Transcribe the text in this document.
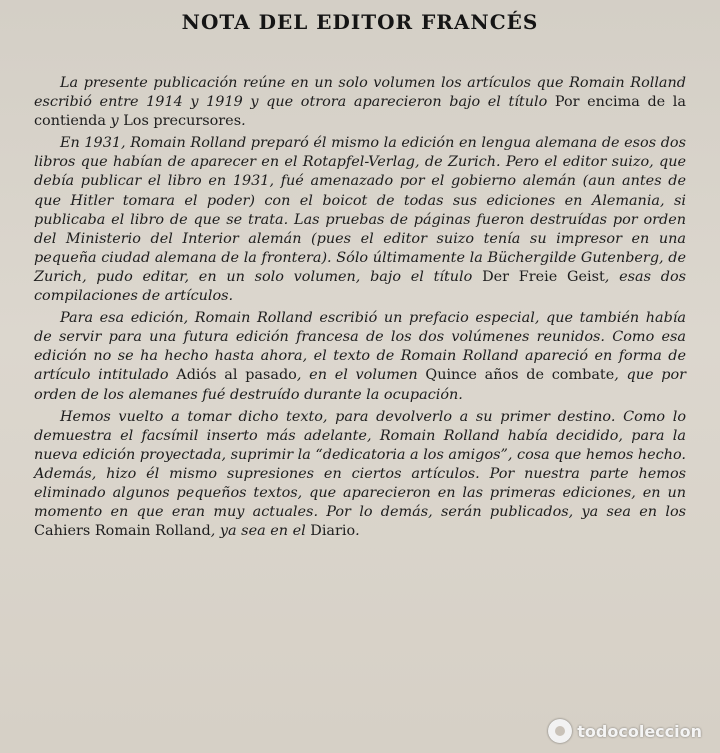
NOTA DEL EDITOR FRANCÉS

La presente publicación reúne en un solo volumen los artículos que Romain Rolland escribió entre 1914 y 1919 y que otrora aparecieron bajo el título Por encima de la contienda y Los precursores.

En 1931, Romain Rolland preparó él mismo la edición en lengua alemana de esos dos libros que habían de aparecer en el Rotapfel-Verlag, de Zurich. Pero el editor suizo, que debía publicar el libro en 1931, fué amenazado por el gobierno alemán (aun antes de que Hitler tomara el poder) con el boicot de todas sus ediciones en Alemania, si publicaba el libro de que se trata. Las pruebas de páginas fueron destruídas por orden del Ministerio del Interior alemán (pues el editor suizo tenía su impresor en una pequeña ciudad alemana de la frontera). Sólo últimamente la Büchergilde Gutenberg, de Zurich, pudo editar, en un solo volumen, bajo el título Der Freie Geist, esas dos compilaciones de artículos.

Para esa edición, Romain Rolland escribió un prefacio especial, que también había de servir para una futura edición francesa de los dos volúmenes reunidos. Como esa edición no se ha hecho hasta ahora, el texto de Romain Rolland apareció en forma de artículo intitulado Adiós al pasado, en el volumen Quince años de combate, que por orden de los alemanes fué destruído durante la ocupación.

Hemos vuelto a tomar dicho texto, para devolverlo a su primer destino. Como lo demuestra el facsímil inserto más adelante, Romain Rolland había decidido, para la nueva edición proyectada, suprimir la “dedicatoria a los amigos”, cosa que hemos hecho. Además, hizo él mismo supresiones en ciertos artículos. Por nuestra parte hemos eliminado algunos pequeños textos, que aparecieron en las primeras ediciones, en un momento en que eran muy actuales. Por lo demás, serán publicados, ya sea en los Cahiers Romain Rolland, ya sea en el Diario.

todocoleccion
